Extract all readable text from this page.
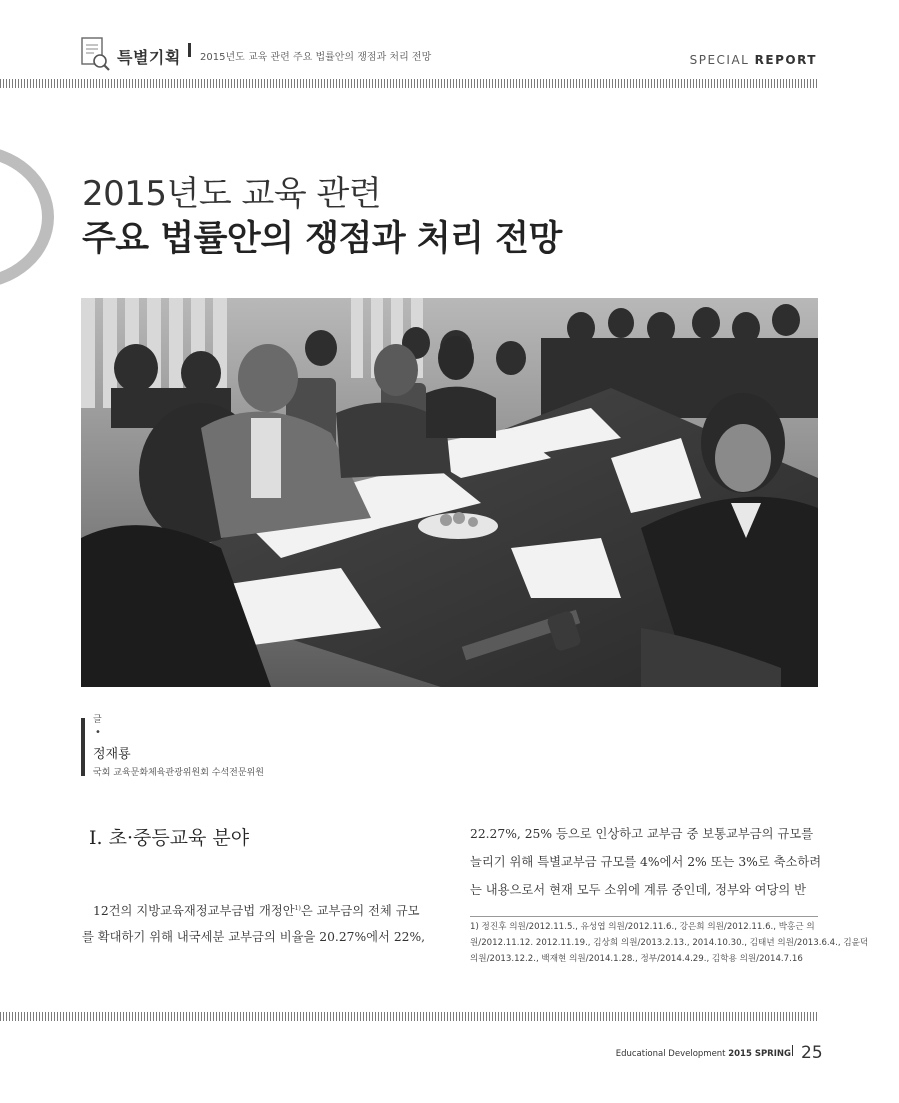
특별기획 2015년도 교육 관련 주요 법률안의 쟁점과 처리 전망	SPECIAL REPORT
2015년도 교육 관련
주요 법률안의 쟁점과 처리 전망
글
•
정재룡
국회 교육문화체육관광위원회 수석전문위원
Ⅰ. 초·중등교육 분야
12건의 지방교육재정교부금법 개정안$^{1)}$은 교부금의 전체 규모
를 확대하기 위해 내국세분 교부금의 비율을 20.27%에서 22%,
22.27%, 25% 등으로 인상하고 교부금 중 보통교부금의 규모를
늘리기 위해 특별교부금 규모를 4%에서 2% 또는 3%로 축소하려
는 내용으로서 현재 모두 소위에 계류 중인데, 정부와 여당의 반
1) 정진후 의원/2012.11.5., 유성엽 의원/2012.11.6., 강은희 의원/2012.11.6., 박홍근 의
원/2012.11.12. 2012.11.19., 김상희 의원/2013.2.13., 2014.10.30., 김태년 의원/2013.6.4., 김윤덕
의원/2013.12.2., 백재현 의원/2014.1.28., 정부/2014.4.29., 김학용 의원/2014.7.16
Educational Development 2015 SPRING 25
